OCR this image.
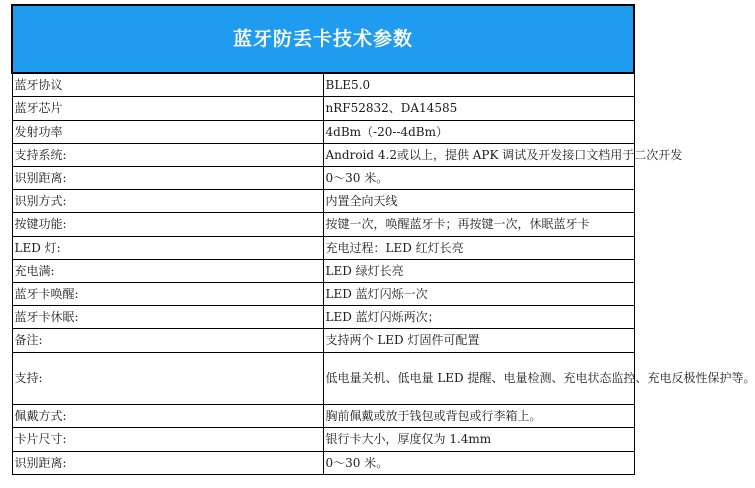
蓝牙防丢卡技术参数	
蓝牙协议	BLE5.0
蓝牙芯片	nRF52832、DA14585
发射功率	4dBm（-20--4dBm）
支持系统:	Android 4.2或以上，提供 APK 调试及开发接口文档用于二次开发
识别距离:	0～30 米。
识别方式:	内置全向天线
按键功能:	按键一次，唤醒蓝牙卡；再按键一次，休眠蓝牙卡
LED 灯:	充电过程：LED 红灯长亮
充电满:	LED 绿灯长亮
蓝牙卡唤醒:	LED 蓝灯闪烁一次
蓝牙卡休眠:	LED 蓝灯闪烁两次；
备注:	支持两个 LED 灯固件可配置
支持:	低电量关机、低电量 LED 提醒、电量检测、充电状态监控、充电反极性保护等。
佩戴方式:	胸前佩戴或放于钱包或背包或行李箱上。
卡片尺寸:	银行卡大小，厚度仅为 1.4mm
识别距离:	0～30 米。
